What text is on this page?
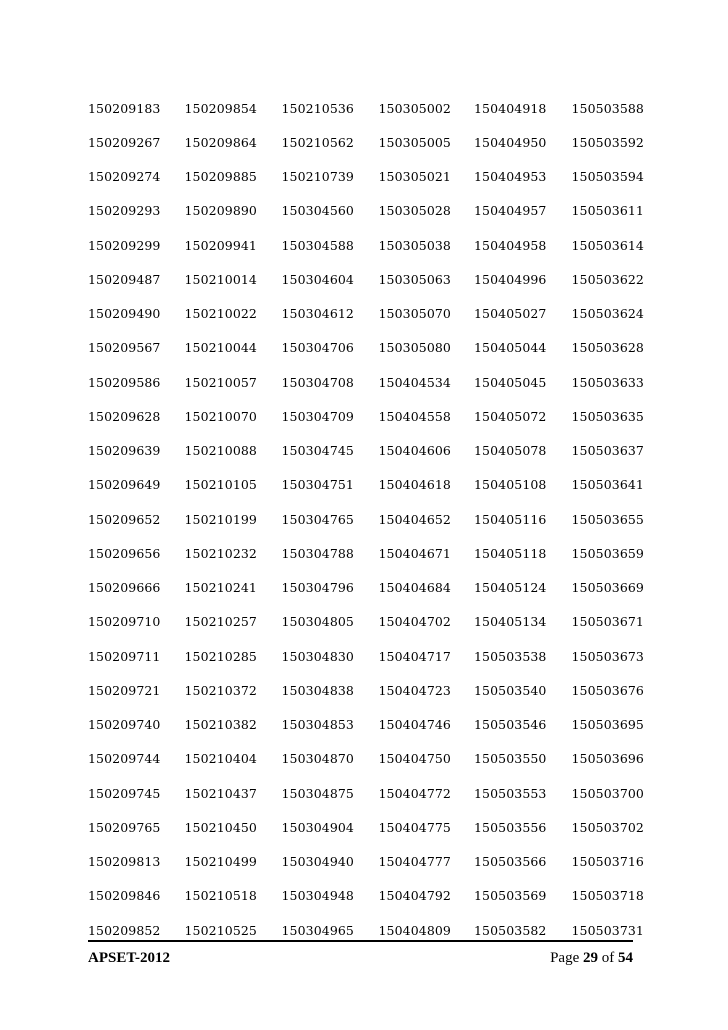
150209183	150209854	150210536	150305002	150404918	150503588
150209267	150209864	150210562	150305005	150404950	150503592
150209274	150209885	150210739	150305021	150404953	150503594
150209293	150209890	150304560	150305028	150404957	150503611
150209299	150209941	150304588	150305038	150404958	150503614
150209487	150210014	150304604	150305063	150404996	150503622
150209490	150210022	150304612	150305070	150405027	150503624
150209567	150210044	150304706	150305080	150405044	150503628
150209586	150210057	150304708	150404534	150405045	150503633
150209628	150210070	150304709	150404558	150405072	150503635
150209639	150210088	150304745	150404606	150405078	150503637
150209649	150210105	150304751	150404618	150405108	150503641
150209652	150210199	150304765	150404652	150405116	150503655
150209656	150210232	150304788	150404671	150405118	150503659
150209666	150210241	150304796	150404684	150405124	150503669
150209710	150210257	150304805	150404702	150405134	150503671
150209711	150210285	150304830	150404717	150503538	150503673
150209721	150210372	150304838	150404723	150503540	150503676
150209740	150210382	150304853	150404746	150503546	150503695
150209744	150210404	150304870	150404750	150503550	150503696
150209745	150210437	150304875	150404772	150503553	150503700
150209765	150210450	150304904	150404775	150503556	150503702
150209813	150210499	150304940	150404777	150503566	150503716
150209846	150210518	150304948	150404792	150503569	150503718
150209852	150210525	150304965	150404809	150503582	150503731
APSET-2012	Page 29 of 54
